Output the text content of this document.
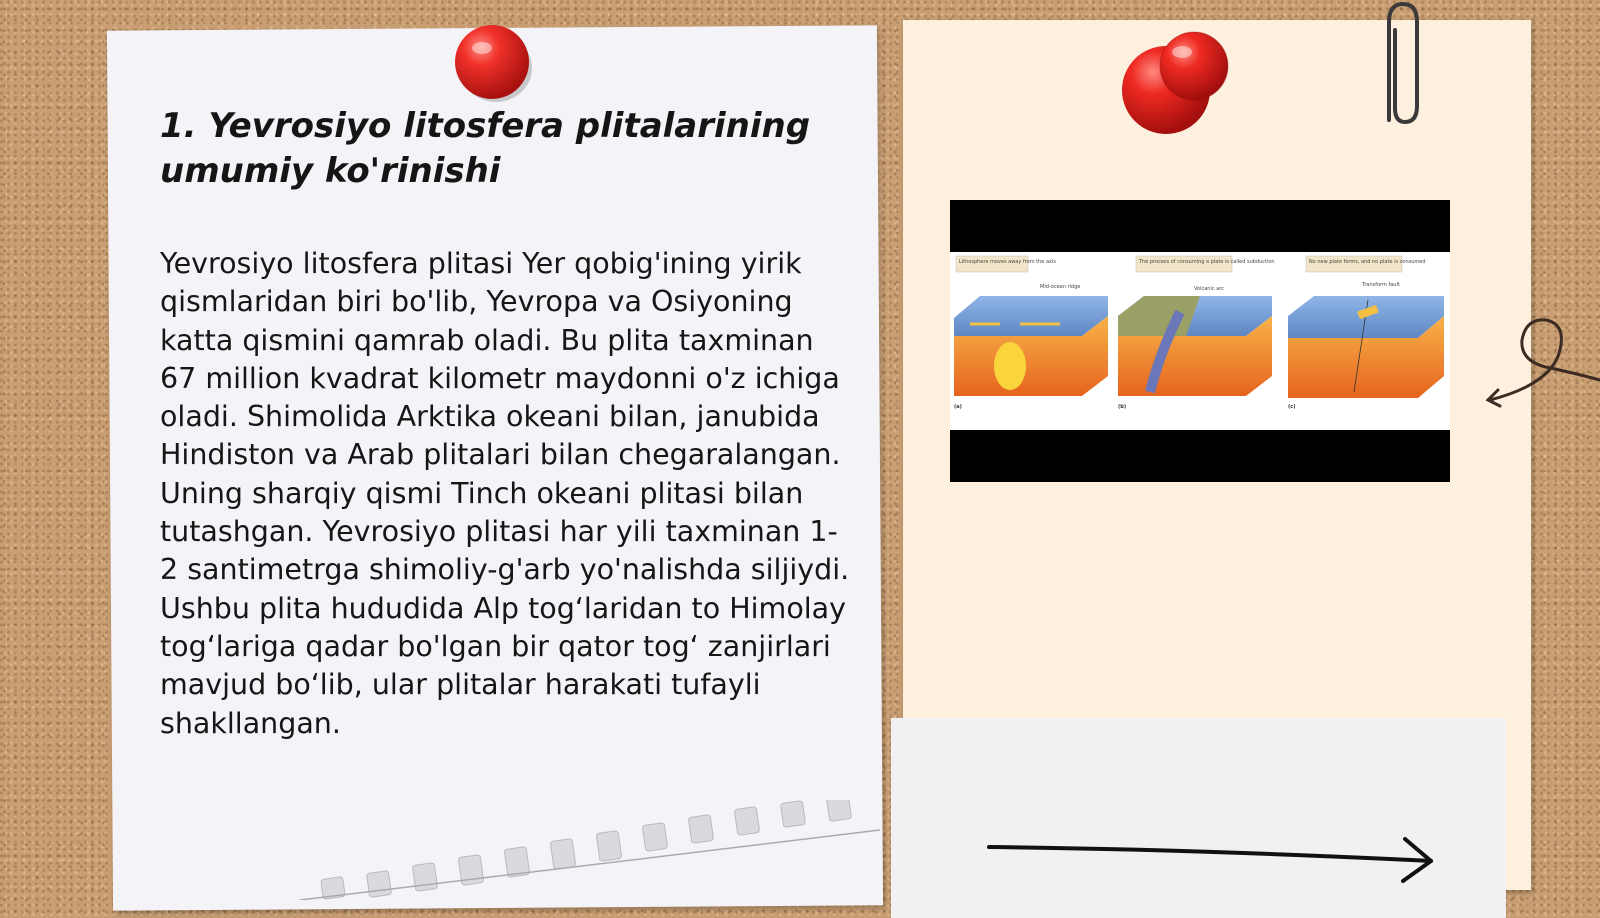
1. Yevrosiyo litosfera plitalarining umumiy ko'rinishi

Yevrosiyo litosfera plitasi Yer qobig'ining yirik qismlaridan biri bo'lib, Yevropa va Osiyoning katta qismini qamrab oladi. Bu plita taxminan 67 million kvadrat kilometr maydonni o'z ichiga oladi. Shimolida Arktika okeani bilan, janubida Hindiston va Arab plitalari bilan chegaralangan. Uning sharqiy qismi Tinch okeani plitasi bilan tutashgan. Yevrosiyo plitasi har yili taxminan 1-2 santimetrga shimoliy-g'arb yo'nalishda siljiydi. Ushbu plita hududida Alp tog‘laridan to Himolay tog‘lariga qadar bo'lgan bir qator tog‘ zanjirlari mavjud bo‘lib, ular plitalar harakati tufayli shakllangan.

Lithosphere moves away from the axis
Mid-ocean ridge
(a)
The process of consuming a plate is called subduction
Volcanic arc
(b)
No new plate forms, and no plate is consumed
Transform fault
(c)
